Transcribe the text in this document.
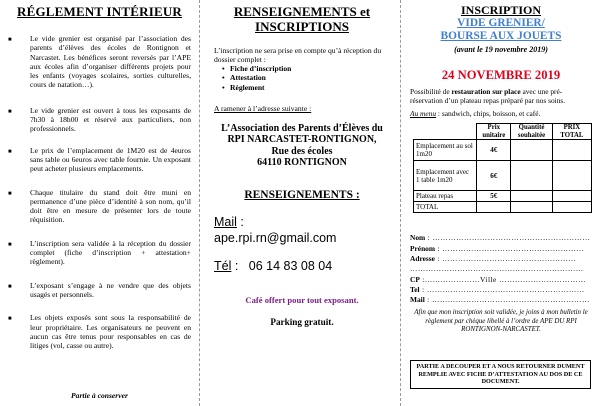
RÉGLEMENT INTÉRIEUR
■	Le vide grenier est organisé par l’association des parents d’élèves des écoles de Rontignon et Narcastet. Les bénéfices seront reversés par l’APE aux écoles afin d’organiser différents projets pour les enfants (voyages scolaires, sorties culturelles, cours de natation…).
■	Le vide grenier est ouvert à tous les exposants de 7h30 à 18h00 et réservé aux particuliers, non professionnels.
■	Le prix de l’emplacement de 1M20 est de 4euros sans table ou 6euros avec table fournie. Un exposant peut acheter plusieurs emplacements.
■	Chaque titulaire du stand doit être muni en permanence d’une pièce d’identité à son nom, qu’il doit être en mesure de présenter lors de toute réquisition.
■	L’inscription sera validée à la réception du dossier complet (fiche d’inscription + attestation+ règlement).
■	L’exposant s’engage à ne vendre que des objets usagés et personnels.
■	Les objets exposés sont sous la responsabilité de leur propriétaire. Les organisateurs ne peuvent en aucun cas être tenus pour responsables en cas de litiges (vol, casse ou autre).
Partie à conserver
RENSEIGNEMENTS et INSCRIPTIONS

L’inscription ne sera prise en compte qu’à réception du dossier complet :

• Fiche d’inscription
• Attestation
• Règlement
A ramener à l’adresse suivante :

L’Association des Parents d’Élèves du

RPI NARCASTET-RONTIGNON,

Rue des écoles

64110 RONTIGNON

RENSEIGNEMENTS :

Mail :

ape.rpi.rn@gmail.com

Tél :   06 14 83 08 04

Café offert pour tout exposant.

Parking gratuit.

INSCRIPTION
VIDE GRENIER/
BOURSE AUX JOUETS
(avant le 19 novembre 2019)
24 NOVEMBRE 2019

Possibilité de restauration sur place avec une pré-réservation d’un plateau repas préparé par nos soins.

Au menu : sandwich, chips, boisson, et café.

	Prix unitaire	Quantité souhaitée	PRIX TOTAL
Emplacement au sol 1m20	4€		
Emplacement avec 1 table 1m20	6€		
Plateau repas	5€		
TOTAL			
Nom : ……………………………………………………
Prénom : ………………………………………………
Adresse : ……………………………………………
…………………………………………………………
CP :…………………Ville ……………………………
Tel : ……………………………………………………
Mail : ……………………………………………………

Afin que mon inscription soit validée, je joins à mon bulletin le règlement par chèque libellé à l’ordre de APE DU RPI RONTIGNON-NARCASTET.

PARTIE A DECOUPER ET A NOUS RETOURNER DUMENT REMPLIE AVEC FICHE D’ATTESTATION AU DOS DE CE DOCUMENT.
